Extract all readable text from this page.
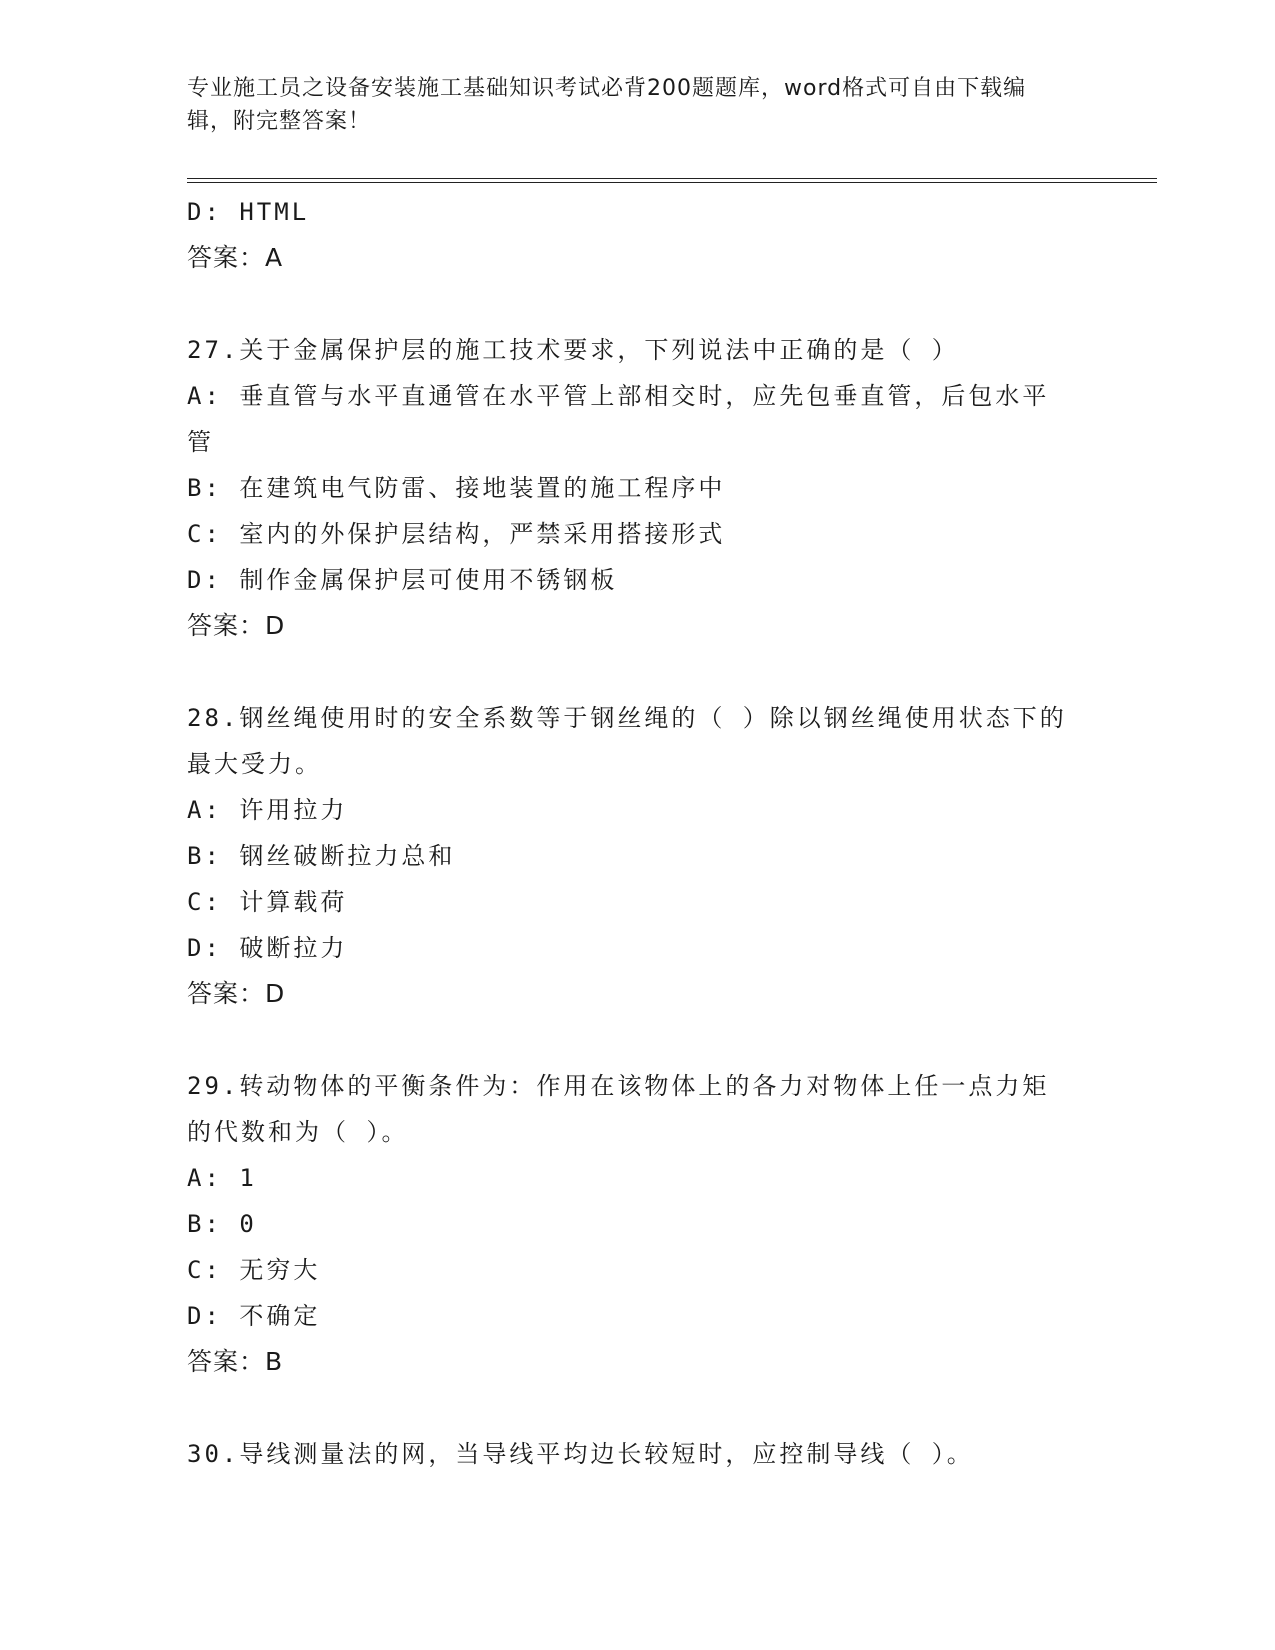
专业施工员之设备安装施工基础知识考试必背200题题库，word格式可自由下载编辑，附完整答案！
D: HTML
答案：A
27.关于金属保护层的施工技术要求，下列说法中正确的是（ ）
A: 垂直管与水平直通管在水平管上部相交时，应先包垂直管，后包水平管
B: 在建筑电气防雷、接地装置的施工程序中
C: 室内的外保护层结构，严禁采用搭接形式
D: 制作金属保护层可使用不锈钢板
答案：D
28.钢丝绳使用时的安全系数等于钢丝绳的（ ）除以钢丝绳使用状态下的最大受力。
A: 许用拉力
B: 钢丝破断拉力总和
C: 计算载荷
D: 破断拉力
答案：D
29.转动物体的平衡条件为：作用在该物体上的各力对物体上任一点力矩的代数和为（ ）。
A: 1
B: 0
C: 无穷大
D: 不确定
答案：B
30.导线测量法的网，当导线平均边长较短时，应控制导线（ ）。
